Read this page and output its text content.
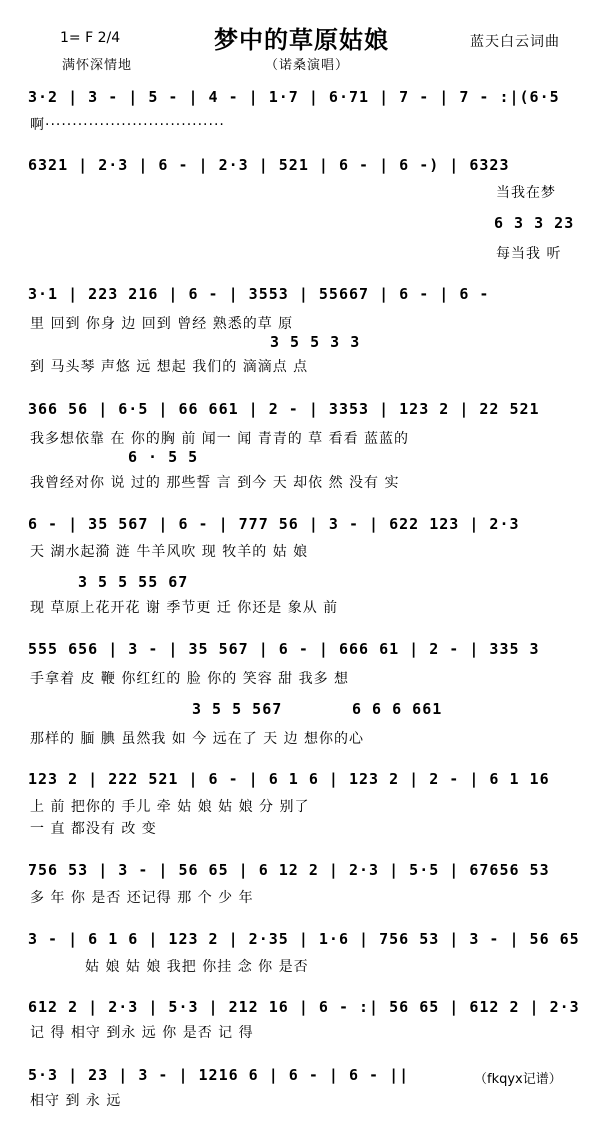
梦中的草原姑娘
1= F 2/4	蓝天白云词曲
满怀深情地	（诺桑演唱）
3·2 | 3 - | 5 - | 4 - | 1·7 | 6·71 | 7 - | 7 - :|(6·5
啊·································
6321 | 2·3 | 6 - | 2·3 | 521 | 6 - | 6 -) | 6323
当我在梦
6 3 3 23
每当我 听
3·1 | 223 216 | 6 - | 3553 | 55667 | 6 - | 6 -
里 回到 你身 边 回到 曾经 熟悉的草 原
3 5 5 3 3
到 马头琴 声悠 远 想起 我们的 滴滴点 点
366 56 | 6·5 | 66 661 | 2 - | 3353 | 123 2 | 22 521
我多想依靠 在 你的胸 前 闻一 闻 青青的 草 看看 蓝蓝的
6 · 5 5
我曾经对你 说 过的 那些誓 言 到今 天 却依 然 没有 实
6 - | 35 567 | 6 - | 777 56 | 3 - | 622 123 | 2·3
天 湖水起漪 涟 牛羊风吹 现 牧羊的 姑 娘
3 5 5 55 67
现 草原上花开花 谢 季节更 迁 你还是 象从 前
555 656 | 3 - | 35 567 | 6 - | 666 61 | 2 - | 335 3
手拿着 皮 鞭 你红红的 脸 你的 笑容 甜 我多 想
3 5 5 567	6 6 6 661
那样的 腼 腆 虽然我 如 今 远在了 天 边 想你的心
123 2 | 222 521 | 6 - | 6 1 6 | 123 2 | 2 - | 6 1 16
上 前 把你的 手儿 牵 姑 娘 姑 娘 分 别了
一 直 都没有 改 变
756 53 | 3 - | 56 65 | 6 12 2 | 2·3 | 5·5 | 67656 53
多 年 你 是否 还记得 那 个 少 年
3 - | 6 1 6 | 123 2 | 2·35 | 1·6 | 756 53 | 3 - | 56 65
姑 娘 姑 娘 我把 你挂 念 你 是否
612 2 | 2·3 | 5·3 | 212 16 | 6 - :| 56 65 | 612 2 | 2·3
记 得 相守 到永 远 你 是否 记 得
5·3 | 23 | 3 - | 1216 6 | 6 - | 6 - ||
相守 到 永 远
（fkqyx记谱）
